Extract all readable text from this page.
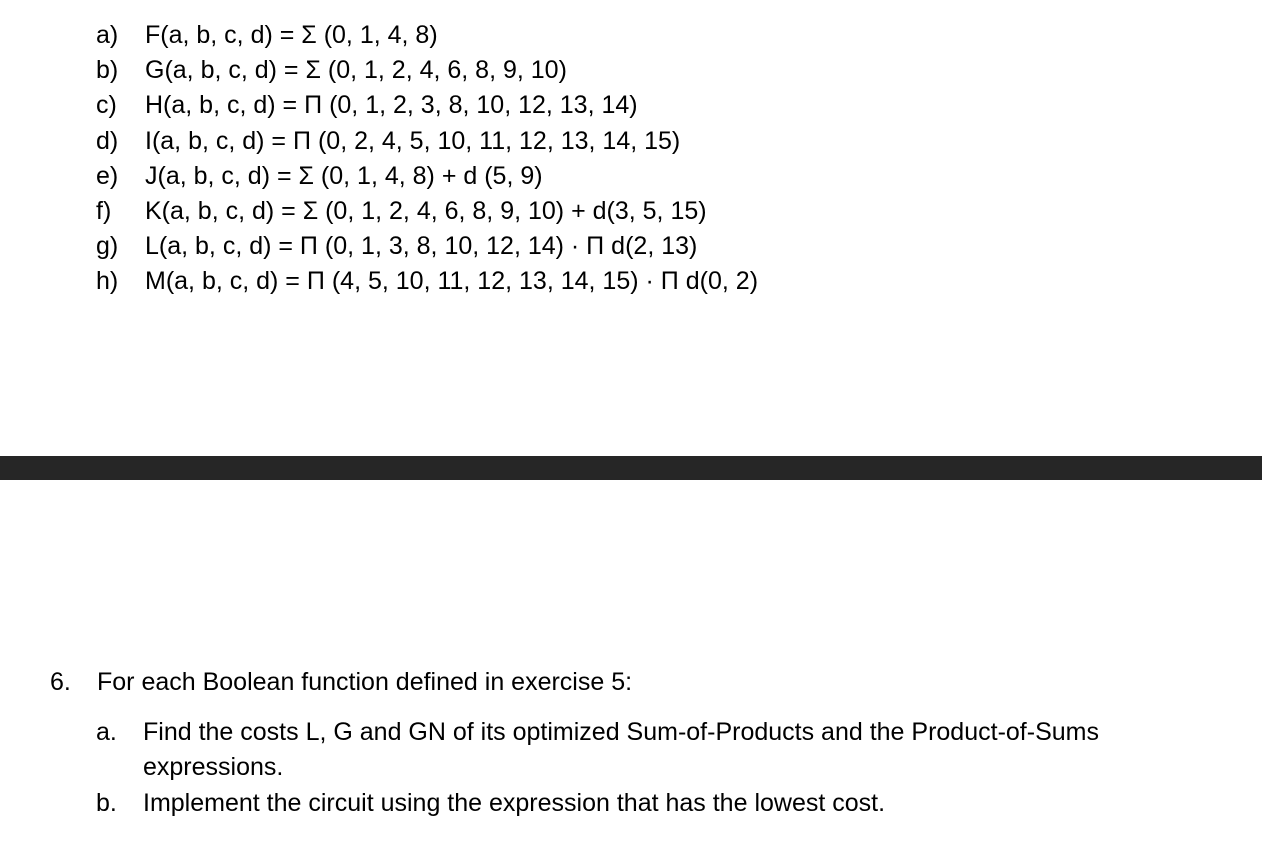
a)	F(a, b, c, d) = Σ (0, 1, 4, 8)
b)	G(a, b, c, d) = Σ (0, 1, 2, 4, 6, 8, 9, 10)
c)	H(a, b, c, d) = Π (0, 1, 2, 3, 8, 10, 12, 13, 14)
d)	I(a, b, c, d) = Π (0, 2, 4, 5, 10, 11, 12, 13, 14, 15)
e)	J(a, b, c, d) = Σ (0, 1, 4, 8) + d (5, 9)
f)	K(a, b, c, d) = Σ (0, 1, 2, 4, 6, 8, 9, 10) + d(3, 5, 15)
g)	L(a, b, c, d) = Π (0, 1, 3, 8, 10, 12, 14) · Π d(2, 13)
h)	M(a, b, c, d) = Π (4, 5, 10, 11, 12, 13, 14, 15) · Π d(0, 2)
6.	For each Boolean function defined in exercise 5:
a.	Find the costs L, G and GN of its optimized Sum-of-Products and the Product-of-Sums expressions.
b.	Implement the circuit using the expression that has the lowest cost.
